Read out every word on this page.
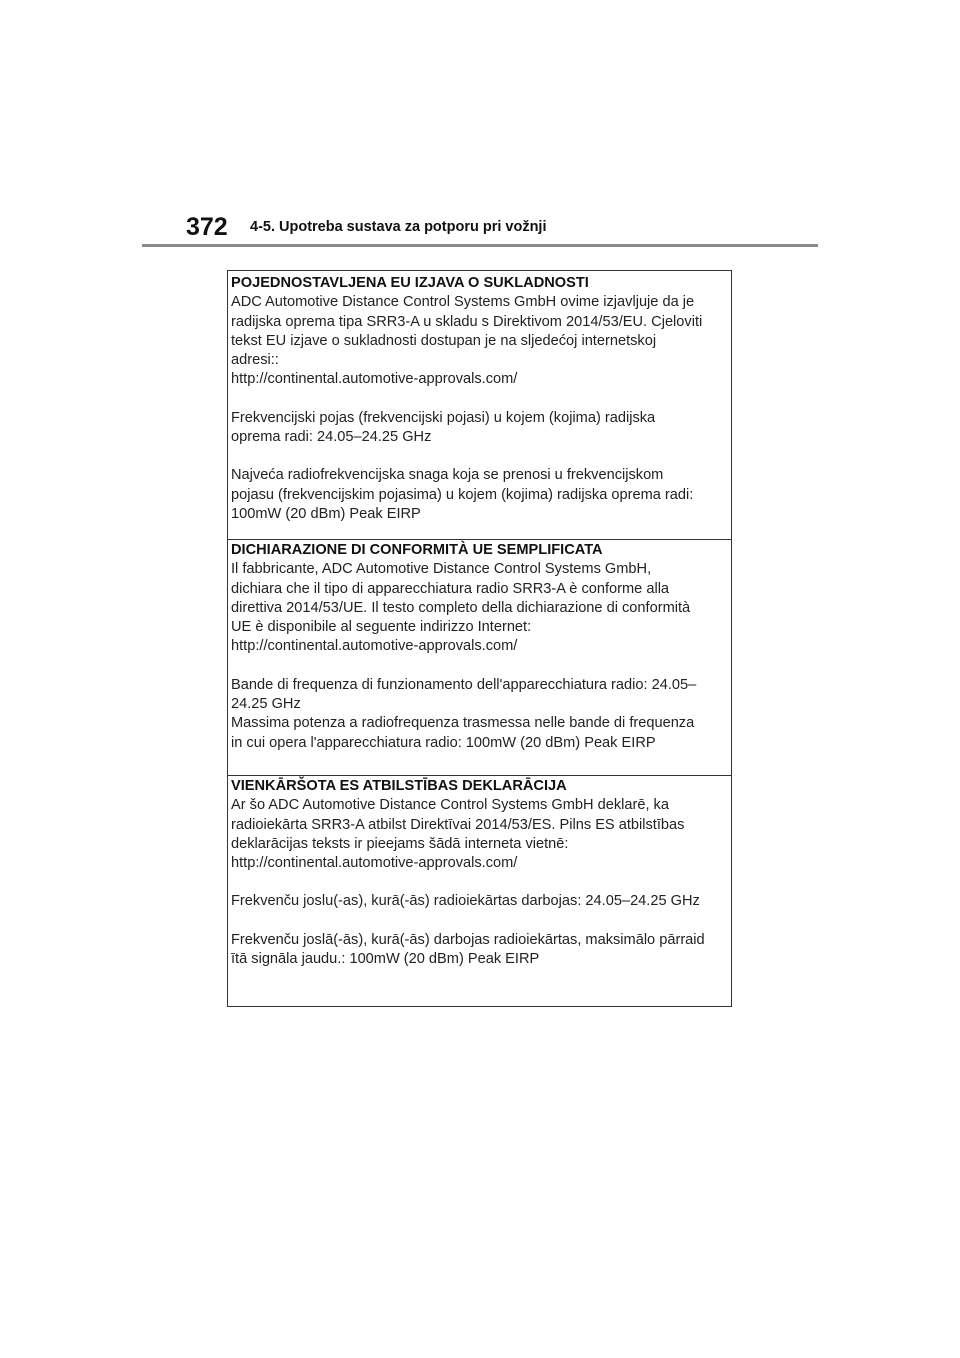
372 4-5. Upotreba sustava za potporu pri vožnji
POJEDNOSTAVLJENA EU IZJAVA O SUKLADNOSTI

ADC Automotive Distance Control Systems GmbH ovime izjavljuje da je
radijska oprema tipa SRR3-A u skladu s Direktivom 2014/53/EU. Cjeloviti
tekst EU izjave o sukladnosti dostupan je na sljedećoj internetskoj
adresi::
http://continental.automotive-approvals.com/

Frekvencijski pojas (frekvencijski pojasi) u kojem (kojima) radijska
oprema radi: 24.05–24.25 GHz

Najveća radiofrekvencijska snaga koja se prenosi u frekvencijskom
pojasu (frekvencijskim pojasima) u kojem (kojima) radijska oprema radi:
100mW (20 dBm) Peak EIRP

DICHIARAZIONE DI CONFORMITÀ UE SEMPLIFICATA

Il fabbricante, ADC Automotive Distance Control Systems GmbH,
dichiara che il tipo di apparecchiatura radio SRR3-A è conforme alla
direttiva 2014/53/UE. Il testo completo della dichiarazione di conformità
UE è disponibile al seguente indirizzo Internet:
http://continental.automotive-approvals.com/

Bande di frequenza di funzionamento dell'apparecchiatura radio: 24.05–
24.25 GHz
Massima potenza a radiofrequenza trasmessa nelle bande di frequenza
in cui opera l'apparecchiatura radio: 100mW (20 dBm) Peak EIRP

VIENKĀRŠOTA ES ATBILSTĪBAS DEKLARĀCIJA

Ar šo ADC Automotive Distance Control Systems GmbH deklarē, ka
radioiekārta SRR3-A atbilst Direktīvai 2014/53/ES. Pilns ES atbilstības
deklarācijas teksts ir pieejams šādā interneta vietnē:
http://continental.automotive-approvals.com/

Frekvenču joslu(-as), kurā(-ās) radioiekārtas darbojas: 24.05–24.25 GHz

Frekvenču joslā(-ās), kurā(-ās) darbojas radioiekārtas, maksimālo pārraid
ītā signāla jaudu.: 100mW (20 dBm) Peak EIRP
